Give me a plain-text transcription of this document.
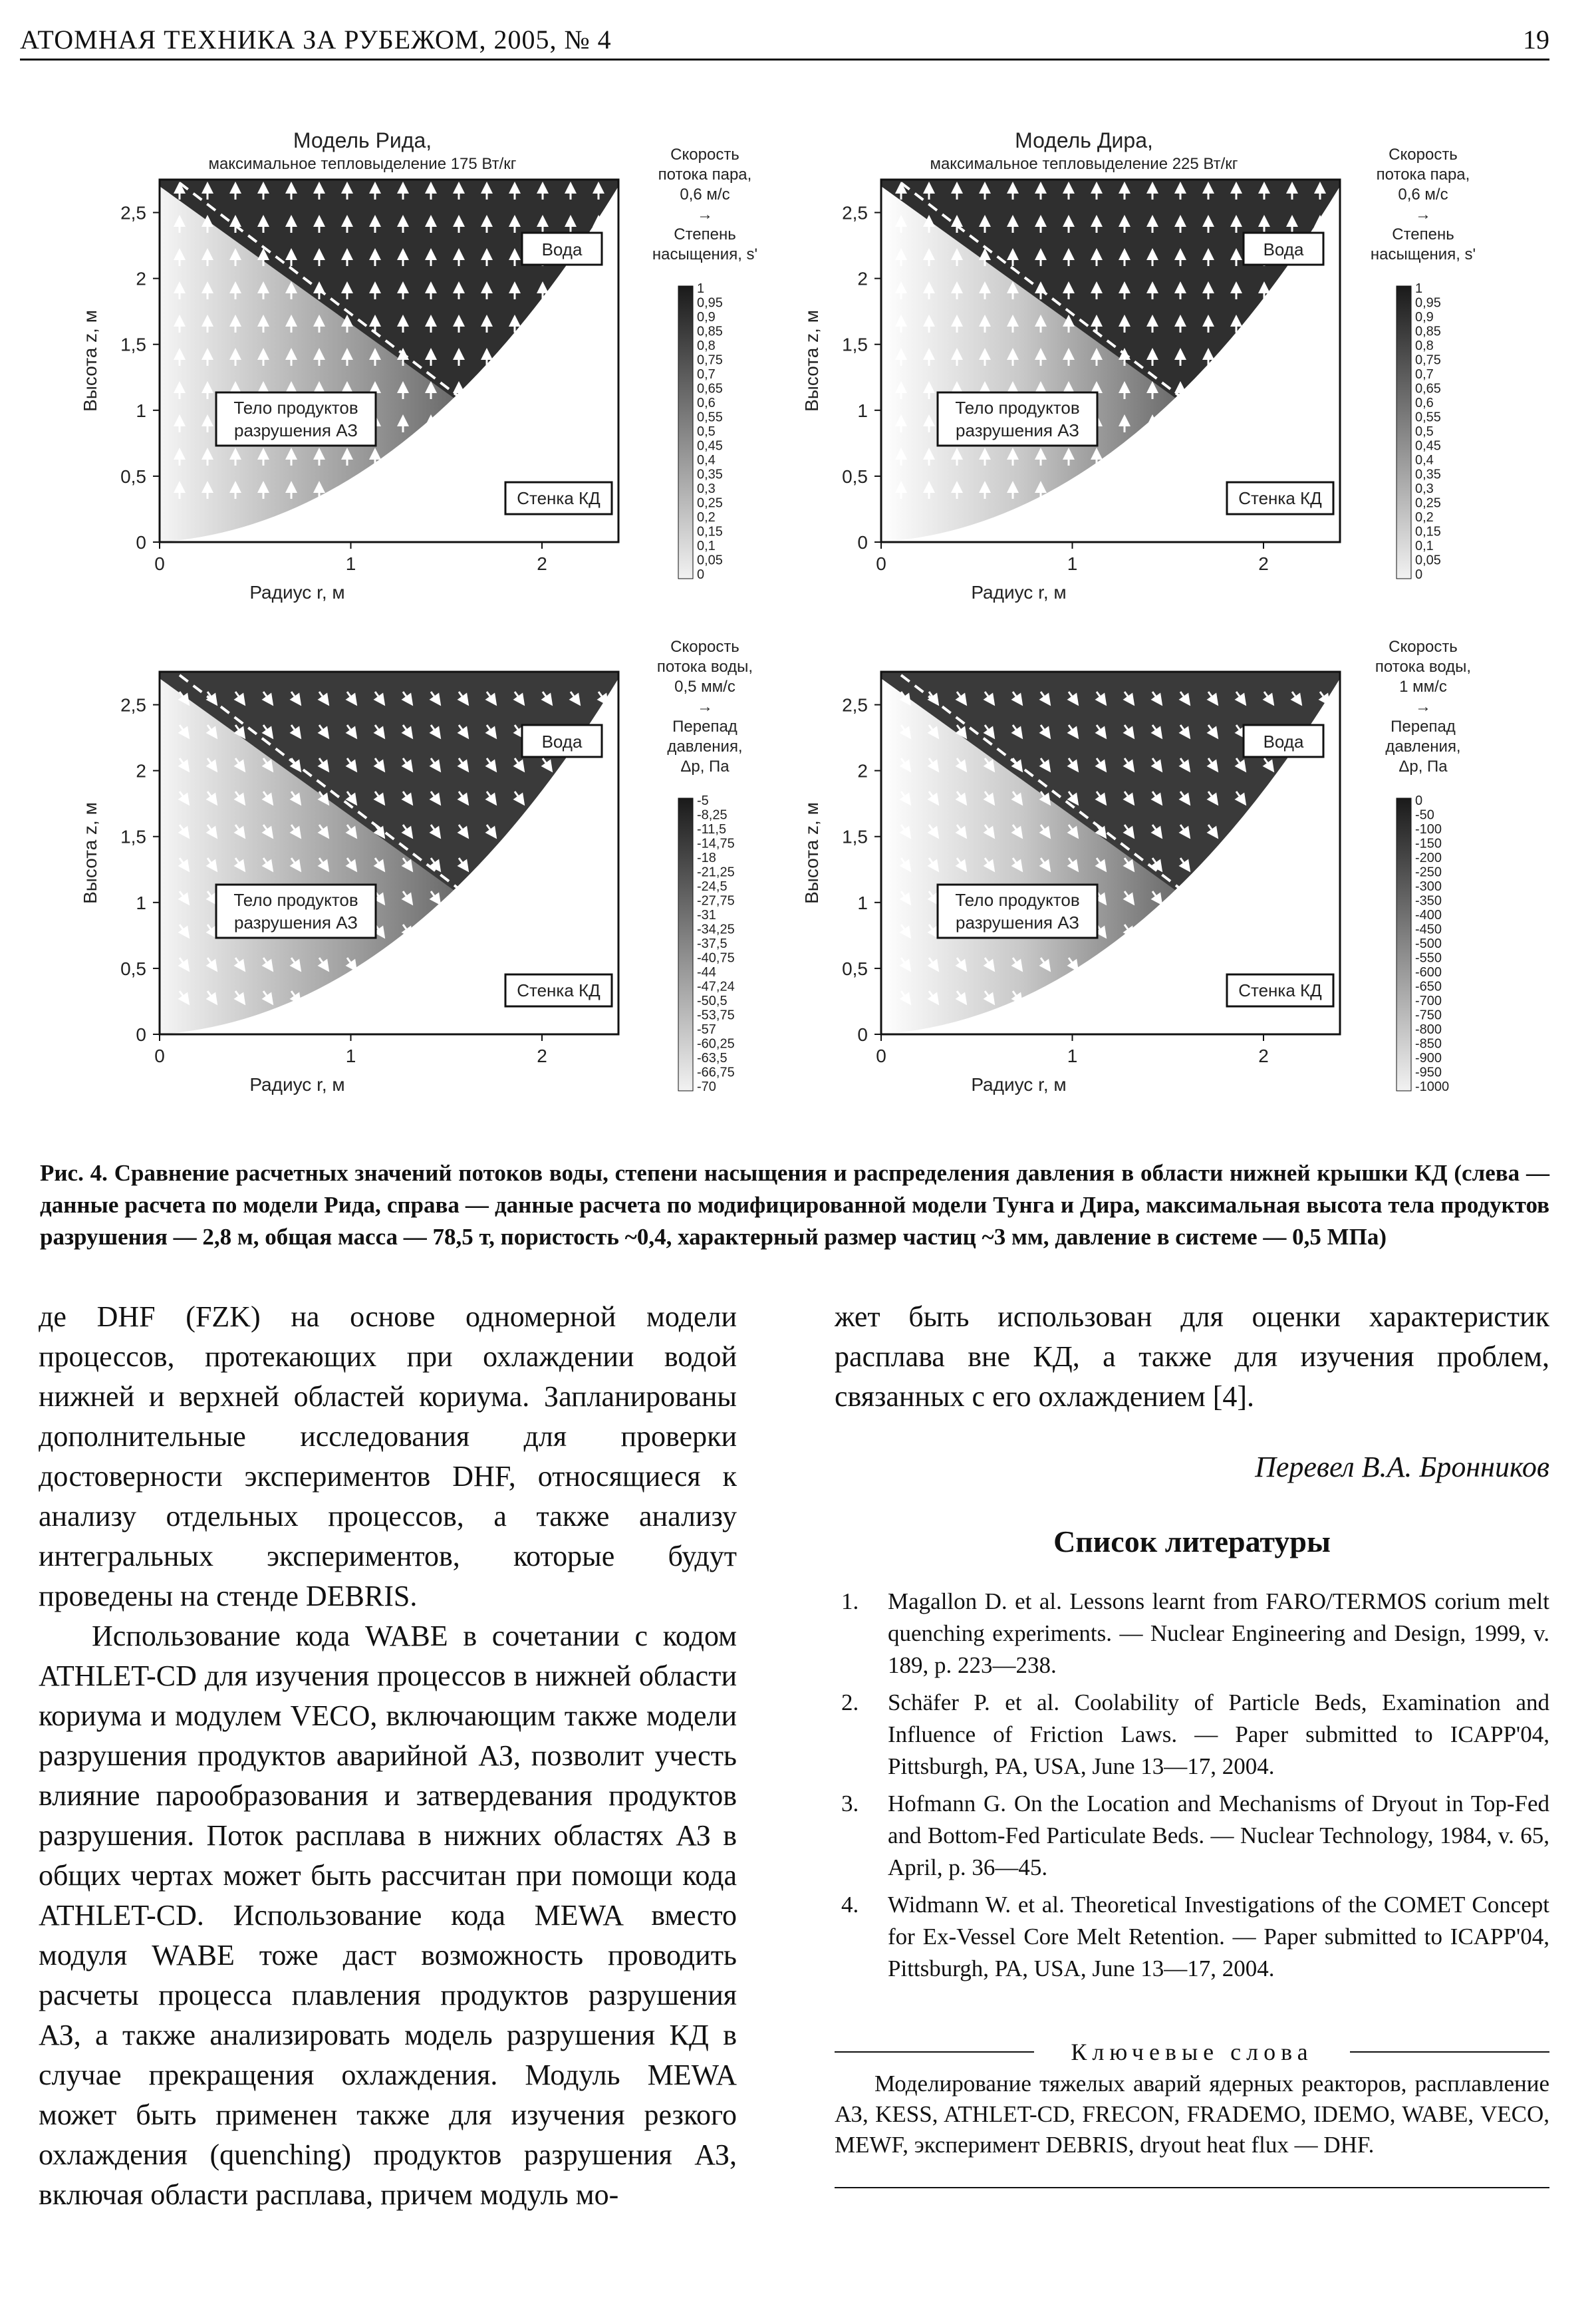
АТОМНАЯ ТЕХНИКА ЗА РУБЕЖОМ, 2005, № 4	19
Модель Рида,
максимальное тепловыделение 175 Вт/кг
Вода
Тело продуктов
разрушения АЗ
Стенка КД
0
0,5
1
1,5
2
2,5
0	1	2
Радиус r, м
Высота z, м
Скорость
потока пара,
0,6 м/с
→
Степень
насыщения, s'
1
0,95
0,9
0,85
0,8
0,75
0,7
0,65
0,6
0,55
0,5
0,45
0,4
0,35
0,3
0,25
0,2
0,15
0,1
0,05
0
Модель Дира,
максимальное тепловыделение 225 Вт/кг
Вода
Тело продуктов
разрушения АЗ
Стенка КД
0
0,5
1
1,5
2
2,5
0	1	2
Радиус r, м
Высота z, м
Скорость
потока пара,
0,6 м/с
→
Степень
насыщения, s'
1
0,95
0,9
0,85
0,8
0,75
0,7
0,65
0,6
0,55
0,5
0,45
0,4
0,35
0,3
0,25
0,2
0,15
0,1
0,05
0
Вода
Тело продуктов
разрушения АЗ
Стенка КД
0
0,5
1
1,5
2
2,5
0	1	2
Радиус r, м
Высота z, м
Скорость
потока воды,
0,5 мм/с
→
Перепад
давления,
Δp, Па
-5
-8,25
-11,5
-14,75
-18
-21,25
-24,5
-27,75
-31
-34,25
-37,5
-40,75
-44
-47,24
-50,5
-53,75
-57
-60,25
-63,5
-66,75
-70
Вода
Тело продуктов
разрушения АЗ
Стенка КД
0
0,5
1
1,5
2
2,5
0	1	2
Радиус r, м
Высота z, м
Скорость
потока воды,
1 мм/с
→
Перепад
давления,
Δp, Па
0
-50
-100
-150
-200
-250
-300
-350
-400
-450
-500
-550
-600
-650
-700
-750
-800
-850
-900
-950
-1000
Рис. 4. Сравнение расчетных значений потоков воды, степени насыщения и распределения давления в области нижней крышки КД (слева — данные расчета по модели Рида, справа — данные расчета по модифицированной модели Тунга и Дира, максимальная высота тела продуктов разрушения — 2,8 м, общая масса — 78,5 т, пористость ~0,4, характерный размер частиц ~3 мм, давление в системе — 0,5 МПа)

де DHF (FZK) на основе одномерной модели процессов, протекающих при охлаждении водой нижней и верхней областей кориума. Запланированы дополнительные исследования для проверки достоверности экспериментов DHF, относящиеся к анализу отдельных процессов, а также анализу интегральных экспериментов, которые будут проведены на стенде DEBRIS.

Использование кода WABE в сочетании с кодом ATHLET-CD для изучения процессов в нижней области кориума и модулем VECO, включающим также модели разрушения продуктов аварийной АЗ, позволит учесть влияние парообразования и затвердевания продуктов разрушения. Поток расплава в нижних областях АЗ в общих чертах может быть рассчитан при помощи кода ATHLET-CD. Использование кода MEWA вместо модуля WABE тоже даст возможность проводить расчеты процесса плавления продуктов разрушения АЗ, а также анализировать модель разрушения КД в случае прекращения охлаждения. Модуль MEWA может быть применен также для изучения резкого охлаждения (quenching) продуктов разрушения АЗ, включая области расплава, причем модуль мо-

жет быть использован для оценки характеристик расплава вне КД, а также для изучения проблем, связанных с его охлаждением [4].

Перевел В.А. Бронников
Список литературы
1. Magallon D. et al. Lessons learnt from FARO/TERMOS corium melt quenching experiments. — Nuclear Engineering and Design, 1999, v. 189, p. 223—238.
2. Schäfer P. et al. Coolability of Particle Beds, Examination and Influence of Friction Laws. — Paper submitted to ICAPP'04, Pittsburgh, PA, USA, June 13—17, 2004.
3. Hofmann G. On the Location and Mechanisms of Dryout in Top-Fed and Bottom-Fed Particulate Beds. — Nuclear Technology, 1984, v. 65, April, p. 36—45.
4. Widmann W. et al. Theoretical Investigations of the COMET Concept for Ex-Vessel Core Melt Retention. — Paper submitted to ICAPP'04, Pittsburgh, PA, USA, June 13—17, 2004.
Ключевые слова
Моделирование тяжелых аварий ядерных реакторов, расплавление АЗ, KESS, ATHLET-CD, FRECON, FRADEMO, IDEMO, WABE, VECO, MEWF, эксперимент DEBRIS, dryout heat flux — DHF.
